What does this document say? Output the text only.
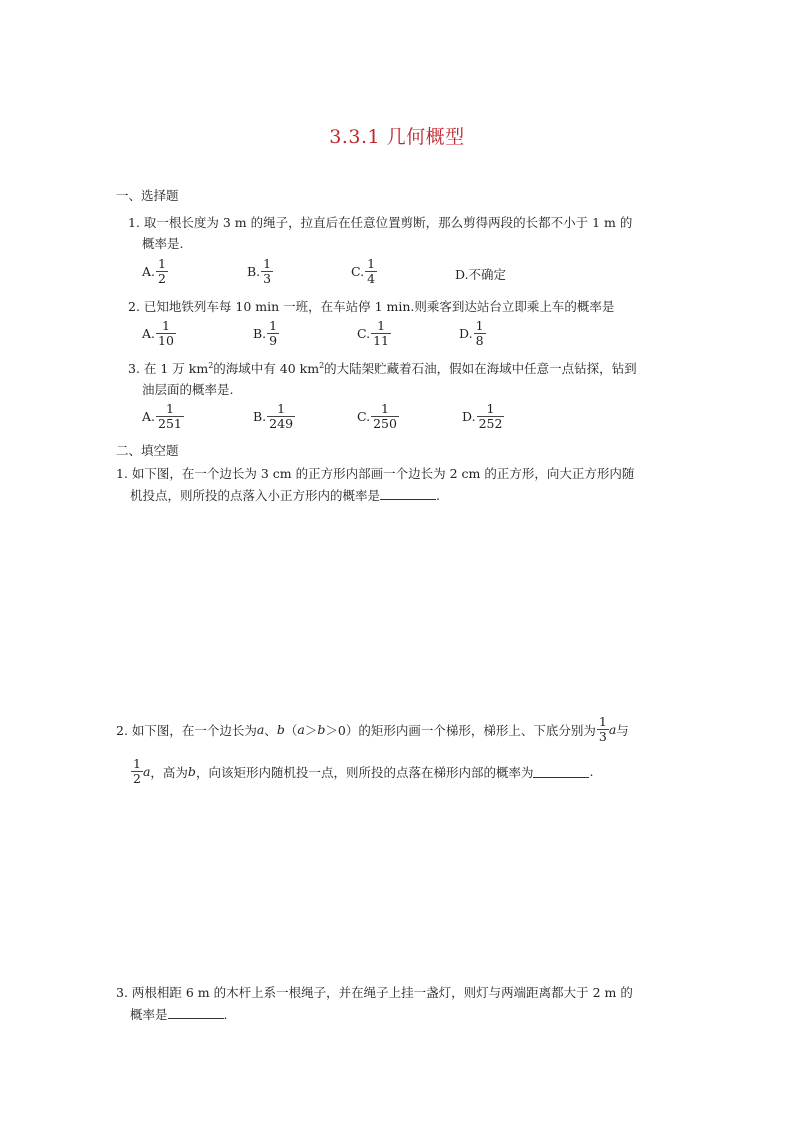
3.3.1 几何概型
一、选择题
1. 取一根长度为 3 m 的绳子，拉直后在任意位置剪断，那么剪得两段的长都不小于 1 m 的
概率是.
A. $\frac{1}{2}$	B. $\frac{1}{3}$	C. $\frac{1}{4}$	D.不确定
2. 已知地铁列车每 10 min 一班，在车站停 1 min.则乘客到达站台立即乘上车的概率是
A. $\frac{1}{10}$	B. $\frac{1}{9}$	C. $\frac{1}{11}$	D. $\frac{1}{8}$
3. 在 1 万 $km^2$的海域中有 40 $km^2$的大陆架贮藏着石油，假如在海域中任意一点钻探，钻到
油层面的概率是.
A. $\frac{1}{251}$	B. $\frac{1}{249}$	C. $\frac{1}{250}$	D. $\frac{1}{252}$
二、填空题
1. 如下图，在一个边长为 3 cm 的正方形内部画一个边长为 2 cm 的正方形，向大正方形内随
机投点，则所投的点落入小正方形内的概率是	.
2. 如下图，在一个边长为 a 、 b （ a ＞ b ＞0）的矩形内画一个梯形，梯形上、下底分别为 $\frac{1}{3}$ a 与
$\frac{1}{2}$ a ，高为 b ，向该矩形内随机投一点，则所投的点落在梯形内部的概率为	.
3. 两根相距 6 m 的木杆上系一根绳子，并在绳子上挂一盏灯，则灯与两端距离都大于 2 m 的
概率是	.
